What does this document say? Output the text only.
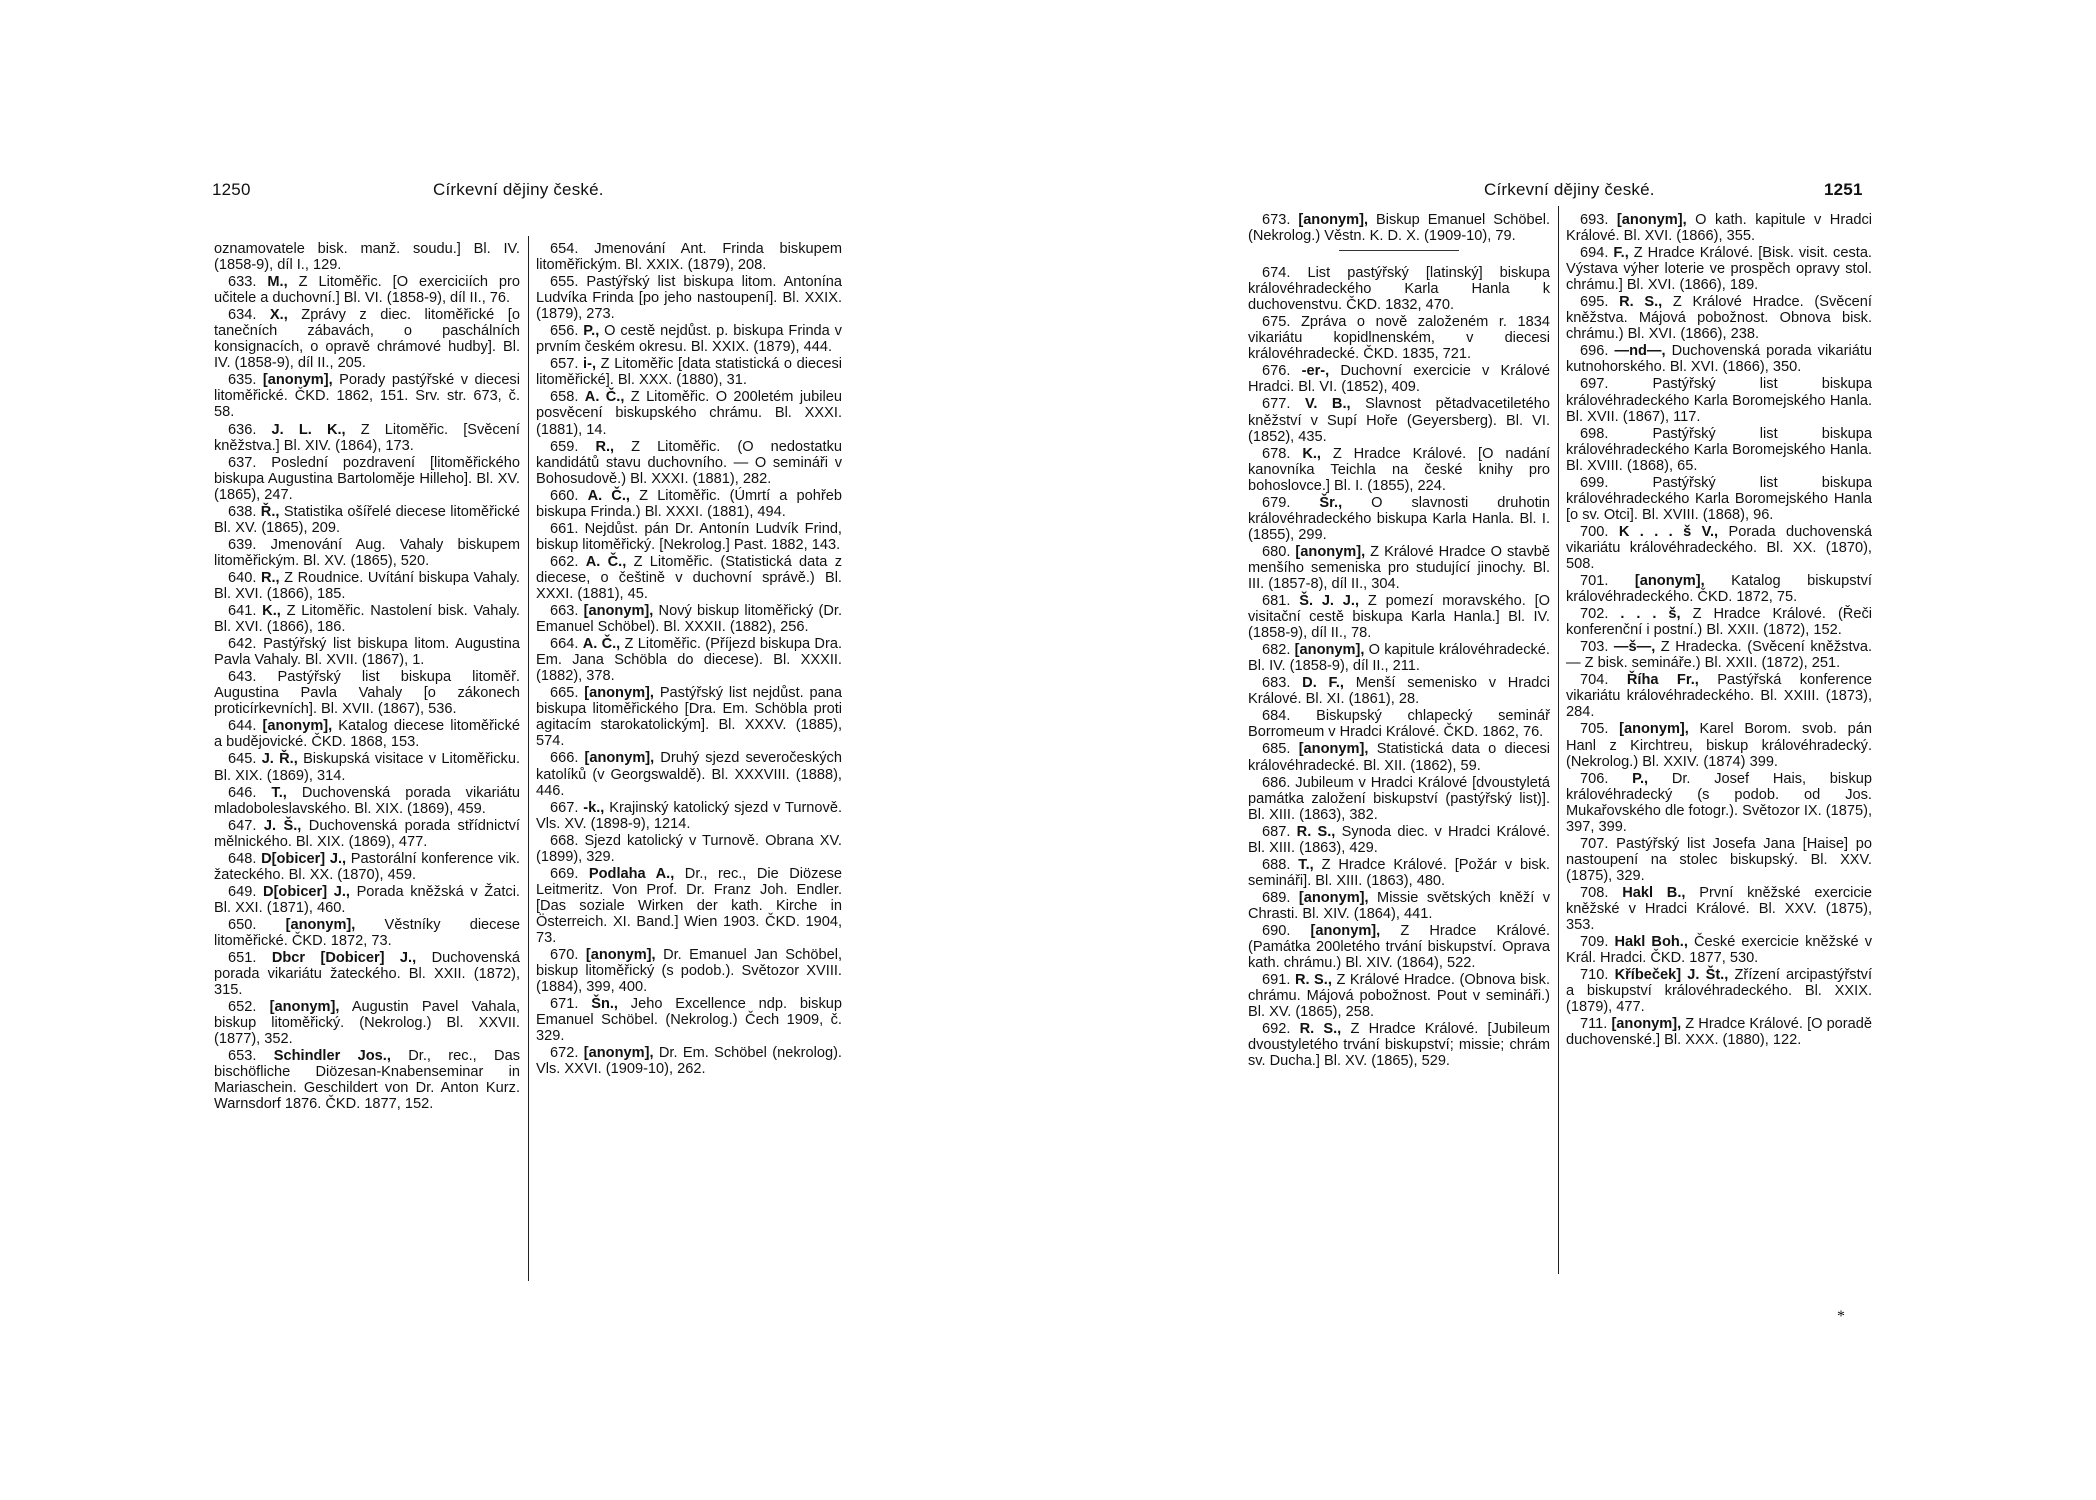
1250	Církevní dějiny české.

oznamovatele bisk. manž. soudu.] Bl. IV. (1858-9), díl I., 129.

633. M., Z Litoměřic. [O exerciciích pro učitele a duchovní.] Bl. VI. (1858-9), díl II., 76.

634. X., Zprávy z diec. litoměřické [o tanečních zábavách, o paschálních konsignacích, o opravě chrámové hudby]. Bl. IV. (1858-9), díl II., 205.

635. [anonym], Porady pastýřské v diecesi litoměřické. ČKD. 1862, 151. Srv. str. 673, č. 58.

636. J. L. K., Z Litoměřic. [Svěcení kněžstva.] Bl. XIV. (1864), 173.

637. Poslední pozdravení [litoměřického biskupa Augustina Bartoloměje Hilleho]. Bl. XV. (1865), 247.

638. Ř., Statistika ošířelé diecese litoměřické Bl. XV. (1865), 209.

639. Jmenování Aug. Vahaly biskupem litoměřickým. Bl. XV. (1865), 520.

640. R., Z Roudnice. Uvítání biskupa Vahaly. Bl. XVI. (1866), 185.

641. K., Z Litoměřic. Nastolení bisk. Vahaly. Bl. XVI. (1866), 186.

642. Pastýřský list biskupa litom. Augustina Pavla Vahaly. Bl. XVII. (1867), 1.

643. Pastýřský list biskupa litoměř. Augustina Pavla Vahaly [o zákonech proticírkevních]. Bl. XVII. (1867), 536.

644. [anonym], Katalog diecese litoměřické a budějovické. ČKD. 1868, 153.

645. J. Ř., Biskupská visitace v Litoměřicku. Bl. XIX. (1869), 314.

646. T., Duchovenská porada vikariátu mladoboleslavského. Bl. XIX. (1869), 459.

647. J. Š., Duchovenská porada střídnictví mělnického. Bl. XIX. (1869), 477.

648. D[obicer] J., Pastorální konference vik. žateckého. Bl. XX. (1870), 459.

649. D[obicer] J., Porada kněžská v Žatci. Bl. XXI. (1871), 460.

650. [anonym], Věstníky diecese litoměřické. ČKD. 1872, 73.

651. Dbcr [Dobicer] J., Duchovenská porada vikariátu žateckého. Bl. XXII. (1872), 315.

652. [anonym], Augustin Pavel Vahala, biskup litoměřický. (Nekrolog.) Bl. XXVII. (1877), 352.

653. Schindler Jos., Dr., rec., Das bischöfliche Diözesan-Knabenseminar in Mariaschein. Geschildert von Dr. Anton Kurz. Warnsdorf 1876. ČKD. 1877, 152.

654. Jmenování Ant. Frinda biskupem litoměřickým. Bl. XXIX. (1879), 208.

655. Pastýřský list biskupa litom. Antonína Ludvíka Frinda [po jeho nastoupení]. Bl. XXIX. (1879), 273.

656. P., O cestě nejdůst. p. biskupa Frinda v prvním českém okresu. Bl. XXIX. (1879), 444.

657. i-, Z Litoměřic [data statistická o diecesi litoměřické]. Bl. XXX. (1880), 31.

658. A. Č., Z Litoměřic. O 200letém jubileu posvěcení biskupského chrámu. Bl. XXXI. (1881), 14.

659. R., Z Litoměřic. (O nedostatku kandidátů stavu duchovního. — O semináři v Bohosudově.) Bl. XXXI. (1881), 282.

660. A. Č., Z Litoměřic. (Úmrtí a pohřeb biskupa Frinda.) Bl. XXXI. (1881), 494.

661. Nejdůst. pán Dr. Antonín Ludvík Frind, biskup litoměřický. [Nekrolog.] Past. 1882, 143.

662. A. Č., Z Litoměřic. (Statistická data z diecese, o češtině v duchovní správě.) Bl. XXXI. (1881), 45.

663. [anonym], Nový biskup litoměřický (Dr. Emanuel Schöbel). Bl. XXXII. (1882), 256.

664. A. Č., Z Litoměřic. (Příjezd biskupa Dra. Em. Jana Schöbla do diecese). Bl. XXXII. (1882), 378.

665. [anonym], Pastýřský list nejdůst. pana biskupa litoměřického [Dra. Em. Schöbla proti agitacím starokatolickým]. Bl. XXXV. (1885), 574.

666. [anonym], Druhý sjezd severočeských katolíků (v Georgswaldě). Bl. XXXVIII. (1888), 446.

667. -k., Krajinský katolický sjezd v Turnově. Vls. XV. (1898-9), 1214.

668. Sjezd katolický v Turnově. Obrana XV. (1899), 329.

669. Podlaha A., Dr., rec., Die Diözese Leitmeritz. Von Prof. Dr. Franz Joh. Endler. [Das soziale Wirken der kath. Kirche in Österreich. XI. Band.] Wien 1903. ČKD. 1904, 73.

670. [anonym], Dr. Emanuel Jan Schöbel, biskup litoměřický (s podob.). Světozor XVIII. (1884), 399, 400.

671. Šn., Jeho Excellence ndp. biskup Emanuel Schöbel. (Nekrolog.) Čech 1909, č. 329.

672. [anonym], Dr. Em. Schöbel (nekrolog). Vls. XXVI. (1909-10), 262.

Církevní dějiny české.	1251

673. [anonym], Biskup Emanuel Schöbel. (Nekrolog.) Věstn. K. D. X. (1909-10), 79.

674. List pastýřský [latinský] biskupa královéhradeckého Karla Hanla k duchovenstvu. ČKD. 1832, 470.

675. Zpráva o nově založeném r. 1834 vikariátu kopidlnenském, v diecesi královéhradecké. ČKD. 1835, 721.

676. -er-, Duchovní exercicie v Králové Hradci. Bl. VI. (1852), 409.

677. V. B., Slavnost pětadvacetiletého kněžství v Supí Hoře (Geyersberg). Bl. VI. (1852), 435.

678. K., Z Hradce Králové. [O nadání kanovníka Teichla na české knihy pro bohoslovce.] Bl. I. (1855), 224.

679. Šr., O slavnosti druhotin královéhradeckého biskupa Karla Hanla. Bl. I. (1855), 299.

680. [anonym], Z Králové Hradce O stavbě menšího semeniska pro studující jinochy. Bl. III. (1857-8), díl II., 304.

681. Š. J. J., Z pomezí moravského. [O visitační cestě biskupa Karla Hanla.] Bl. IV. (1858-9), díl II., 78.

682. [anonym], O kapitule královéhradecké. Bl. IV. (1858-9), díl II., 211.

683. D. F., Menší semenisko v Hradci Králové. Bl. XI. (1861), 28.

684. Biskupský chlapecký seminář Borromeum v Hradci Králové. ČKD. 1862, 76.

685. [anonym], Statistická data o diecesi královéhradecké. Bl. XII. (1862), 59.

686. Jubileum v Hradci Králové [dvoustyletá památka založení biskupství (pastýřský list)]. Bl. XIII. (1863), 382.

687. R. S., Synoda diec. v Hradci Králové. Bl. XIII. (1863), 429.

688. T., Z Hradce Králové. [Požár v bisk. semináři]. Bl. XIII. (1863), 480.

689. [anonym], Missie světských kněží v Chrasti. Bl. XIV. (1864), 441.

690. [anonym], Z Hradce Králové. (Památka 200letého trvání biskupství. Oprava kath. chrámu.) Bl. XIV. (1864), 522.

691. R. S., Z Králové Hradce. (Obnova bisk. chrámu. Májová pobožnost. Pout v semináři.) Bl. XV. (1865), 258.

692. R. S., Z Hradce Králové. [Jubileum dvoustyletého trvání biskupství; missie; chrám sv. Ducha.] Bl. XV. (1865), 529.

693. [anonym], O kath. kapitule v Hradci Králové. Bl. XVI. (1866), 355.

694. F., Z Hradce Králové. [Bisk. visit. cesta. Výstava výher loterie ve prospěch opravy stol. chrámu.] Bl. XVI. (1866), 189.

695. R. S., Z Králové Hradce. (Svěcení kněžstva. Májová pobožnost. Obnova bisk. chrámu.) Bl. XVI. (1866), 238.

696. —nd—, Duchovenská porada vikariátu kutnohorského. Bl. XVI. (1866), 350.

697.	Pastýřský list biskupa královéhradeckého Karla Boromejského Hanla. Bl. XVII. (1867), 117.

698.	Pastýřský list biskupa královéhradeckého Karla Boromejského Hanla. Bl. XVIII. (1868), 65.

699.	Pastýřský list biskupa královéhradeckého Karla Boromejského Hanla [o sv. Otci]. Bl. XVIII. (1868), 96.

700. K . . . š V., Porada duchovenská vikariátu královéhradeckého. Bl. XX. (1870), 508.

701. [anonym], Katalog biskupství královéhradeckého. ČKD. 1872, 75.

702. . . . š, Z Hradce Králové. (Řeči konferenční i postní.) Bl. XXII. (1872), 152.

703. —š—, Z Hradecka. (Svěcení kněžstva. — Z bisk. semináře.) Bl. XXII. (1872), 251.

704. Říha Fr., Pastýřská konference vikariátu královéhradeckého. Bl. XXIII. (1873), 284.

705. [anonym], Karel Borom. svob. pán Hanl z Kirchtreu, biskup královéhradecký. (Nekrolog.) Bl. XXIV. (1874) 399.

706. P., Dr. Josef Hais, biskup královéhradecký (s podob. od Jos. Mukařovského dle fotogr.). Světozor IX. (1875), 397, 399.

707. Pastýřský list Josefa Jana [Haise] po nastoupení na stolec biskupský. Bl. XXV. (1875), 329.

708. Hakl B., První kněžské exercicie kněžské v Hradci Králové. Bl. XXV. (1875), 353.

709. Hakl Boh., České exercicie kněžské v Král. Hradci. ČKD. 1877, 530.

710. Kříbeček] J. Št., Zřízení arcipastýřství a biskupství královéhradeckého. Bl. XXIX. (1879), 477.

711. [anonym], Z Hradce Králové. [O poradě duchovenské.] Bl. XXX. (1880), 122.

*
